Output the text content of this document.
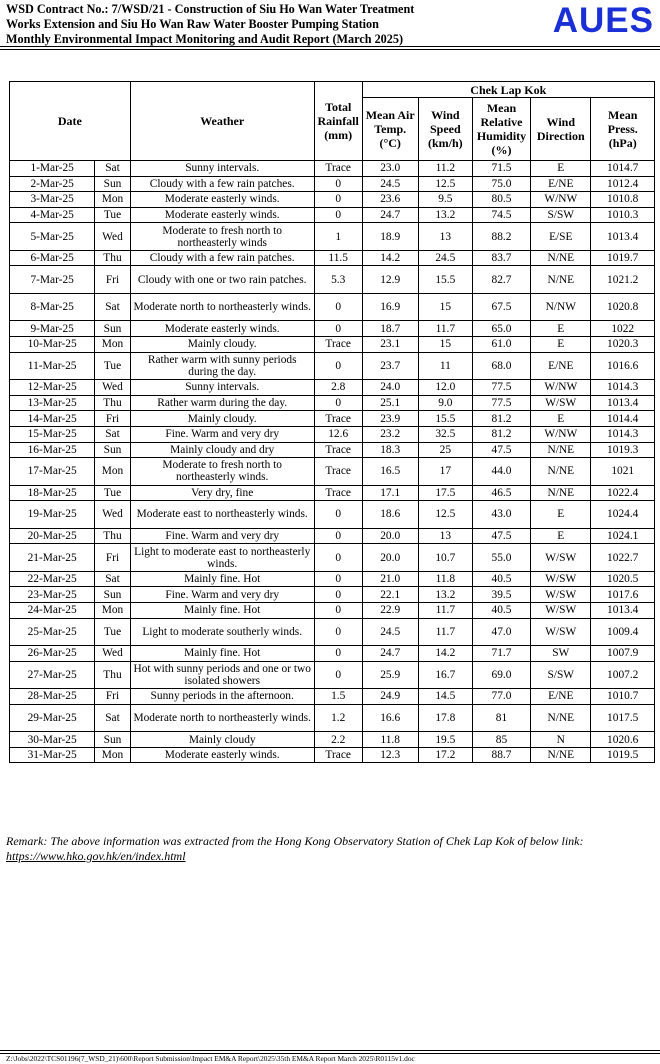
WSD Contract No.: 7/WSD/21 - Construction of Siu Ho Wan Water Treatment
Works Extension and Siu Ho Wan Raw Water Booster Pumping Station
Monthly Environmental Impact Monitoring and Audit Report (March 2025)	AUES
Date		Weather	Total Rainfall (mm)	Chek Lap Kok				
				Mean Air Temp. (°C)	Wind Speed (km/h)	Mean Relative Humidity (%)	Wind Direction	Mean Press. (hPa)
1-Mar-25	Sat	Sunny intervals.	Trace	23.0	11.2	71.5	E	1014.7
2-Mar-25	Sun	Cloudy with a few rain patches.	0	24.5	12.5	75.0	E/NE	1012.4
3-Mar-25	Mon	Moderate easterly winds.	0	23.6	9.5	80.5	W/NW	1010.8
4-Mar-25	Tue	Moderate easterly winds.	0	24.7	13.2	74.5	S/SW	1010.3
5-Mar-25	Wed	Moderate to fresh north to northeasterly winds	1	18.9	13	88.2	E/SE	1013.4
6-Mar-25	Thu	Cloudy with a few rain patches.	11.5	14.2	24.5	83.7	N/NE	1019.7
7-Mar-25	Fri	Cloudy with one or two rain patches.	5.3	12.9	15.5	82.7	N/NE	1021.2
8-Mar-25	Sat	Moderate north to northeasterly winds.	0	16.9	15	67.5	N/NW	1020.8
9-Mar-25	Sun	Moderate easterly winds.	0	18.7	11.7	65.0	E	1022
10-Mar-25	Mon	Mainly cloudy.	Trace	23.1	15	61.0	E	1020.3
11-Mar-25	Tue	Rather warm with sunny periods during the day.	0	23.7	11	68.0	E/NE	1016.6
12-Mar-25	Wed	Sunny intervals.	2.8	24.0	12.0	77.5	W/NW	1014.3
13-Mar-25	Thu	Rather warm during the day.	0	25.1	9.0	77.5	W/SW	1013.4
14-Mar-25	Fri	Mainly cloudy.	Trace	23.9	15.5	81.2	E	1014.4
15-Mar-25	Sat	Fine. Warm and very dry	12.6	23.2	32.5	81.2	W/NW	1014.3
16-Mar-25	Sun	Mainly cloudy and dry	Trace	18.3	25	47.5	N/NE	1019.3
17-Mar-25	Mon	Moderate to fresh north to northeasterly winds.	Trace	16.5	17	44.0	N/NE	1021
18-Mar-25	Tue	Very dry, fine	Trace	17.1	17.5	46.5	N/NE	1022.4
19-Mar-25	Wed	Moderate east to northeasterly winds.	0	18.6	12.5	43.0	E	1024.4
20-Mar-25	Thu	Fine. Warm and very dry	0	20.0	13	47.5	E	1024.1
21-Mar-25	Fri	Light to moderate east to northeasterly winds.	0	20.0	10.7	55.0	W/SW	1022.7
22-Mar-25	Sat	Mainly fine. Hot	0	21.0	11.8	40.5	W/SW	1020.5
23-Mar-25	Sun	Fine. Warm and very dry	0	22.1	13.2	39.5	W/SW	1017.6
24-Mar-25	Mon	Mainly fine. Hot	0	22.9	11.7	40.5	W/SW	1013.4
25-Mar-25	Tue	Light to moderate southerly winds.	0	24.5	11.7	47.0	W/SW	1009.4
26-Mar-25	Wed	Mainly fine. Hot	0	24.7	14.2	71.7	SW	1007.9
27-Mar-25	Thu	Hot with sunny periods and one or two isolated showers	0	25.9	16.7	69.0	S/SW	1007.2
28-Mar-25	Fri	Sunny periods in the afternoon.	1.5	24.9	14.5	77.0	E/NE	1010.7
29-Mar-25	Sat	Moderate north to northeasterly winds.	1.2	16.6	17.8	81	N/NE	1017.5
30-Mar-25	Sun	Mainly cloudy	2.2	11.8	19.5	85	N	1020.6
31-Mar-25	Mon	Moderate easterly winds.	Trace	12.3	17.2	88.7	N/NE	1019.5
Remark: The above information was extracted from the Hong Kong Observatory Station of Chek Lap Kok of below link:
https://www.hko.gov.hk/en/index.html
Z:\Jobs\2022\TCS01196(7_WSD_21)\600\Report Submission\Impact EM&A Report\2025\35th EM&A Report March 2025\R0115v1.doc
